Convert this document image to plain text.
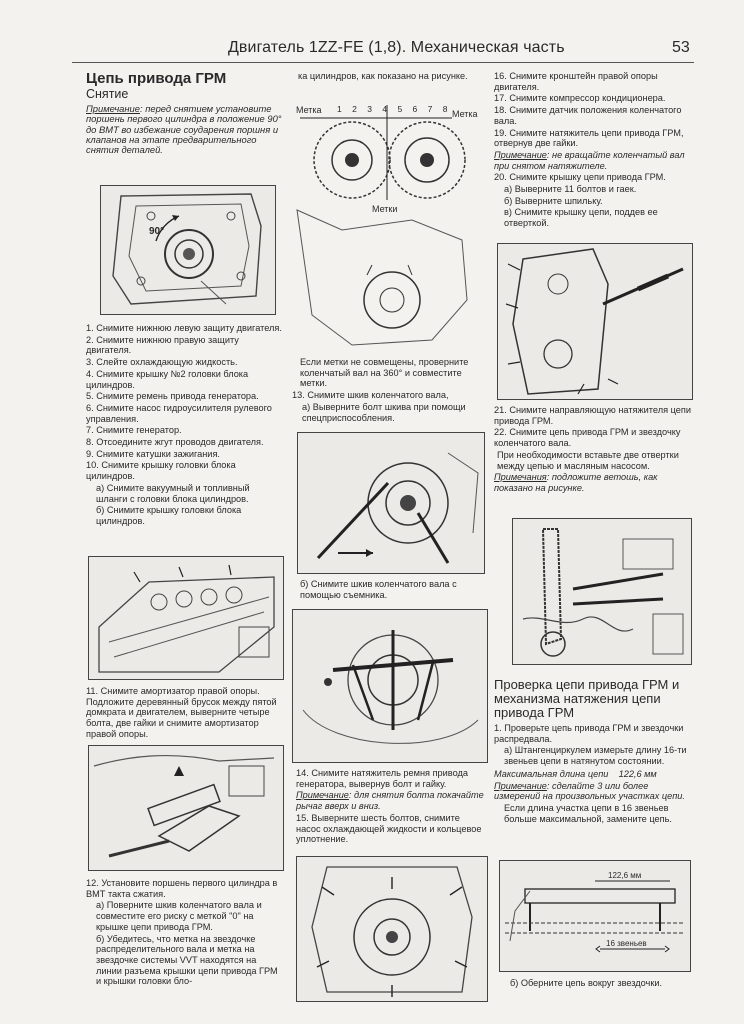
Двигатель 1ZZ-FE (1,8). Механическая часть	53
Цепь привода ГРМ
Снятие
Примечание: перед снятием установите поршень первого цилиндра в положение 90° до ВМТ во избежание соударения поршня и клапанов на этапе предварительного снятия деталей.
90°
1. Снимите нижнюю левую защиту двигателя.
2. Снимите нижнюю правую защиту двигателя.
3. Слейте охлаждающую жидкость.
4. Снимите крышку №2 головки блока цилиндров.
5. Снимите ремень привода генератора.
6. Снимите насос гидроусилителя рулевого управления.
7. Снимите генератор.
8. Отсоедините жгут проводов двигателя.
9. Снимите катушки зажигания.
10. Снимите крышку головки блока цилиндров.
а) Снимите вакуумный и топливный шланги с головки блока цилиндров.
б) Снимите крышку головки блока цилиндров.
11. Снимите амортизатор правой опоры. Подложите деревянный брусок между пятой домкрата и двигателем, выверните четыре болта, две гайки и снимите амортизатор правой опоры.
12. Установите поршень первого цилиндра в ВМТ такта сжатия.
а) Поверните шкив коленчатого вала и совместите его риску с меткой "0" на крышке цепи привода ГРМ.
б) Убедитесь, что метка на звездочке распределительного вала и метка на звездочке системы VVT находятся на линии разъема крышки цепи привода ГРМ и крышки головки бло-
ка цилиндров, как показано на рисунке.
Метка	Метка
Метки
1 2 3 4 5 6 7 8
Если метки не совмещены, проверните коленчатый вал на 360° и совместите метки.
13. Снимите шкив коленчатого вала,
а) Выверните болт шкива при помощи спецприспособления.
б) Снимите шкив коленчатого вала с помощью съемника.
14. Снимите натяжитель ремня привода генератора, вывернув болт и гайку.
Примечание: для снятия болта покачайте рычаг вверх и вниз.
15. Выверните шесть болтов, снимите насос охлаждающей жидкости и кольцевое уплотнение.
16. Снимите кронштейн правой опоры двигателя.
17. Снимите компрессор кондиционера.
18. Снимите датчик положения коленчатого вала.
19. Снимите натяжитель цепи привода ГРМ, отвернув две гайки.
Примечание: не вращайте коленчатый вал при снятом натяжителе.
20. Снимите крышку цепи привода ГРМ.
а) Выверните 11 болтов и гаек.
б) Выверните шпильку.
в) Снимите крышку цепи, поддев ее отверткой.
21. Снимите направляющую натяжителя цепи привода ГРМ.
22. Снимите цепь привода ГРМ и звездочку коленчатого вала.
При необходимости вставьте две отвертки между цепью и масляным насосом.
Примечания: подложите ветошь, как показано на рисунке.
Проверка цепи привода ГРМ и механизма натяжения цепи привода ГРМ
1. Проверьте цепь привода ГРМ и звездочки распредвала.
а) Штангенциркулем измерьте длину 16-ти звеньев цепи в натянутом состоянии.
Максимальная длина цепи 122,6 мм
Примечание: сделайте 3 или более измерений на произвольных участках цепи.
Если длина участка цепи в 16 звеньев больше максимальной, замените цепь.
122,6 мм
16 звеньев
б) Оберните цепь вокруг звездочки.
